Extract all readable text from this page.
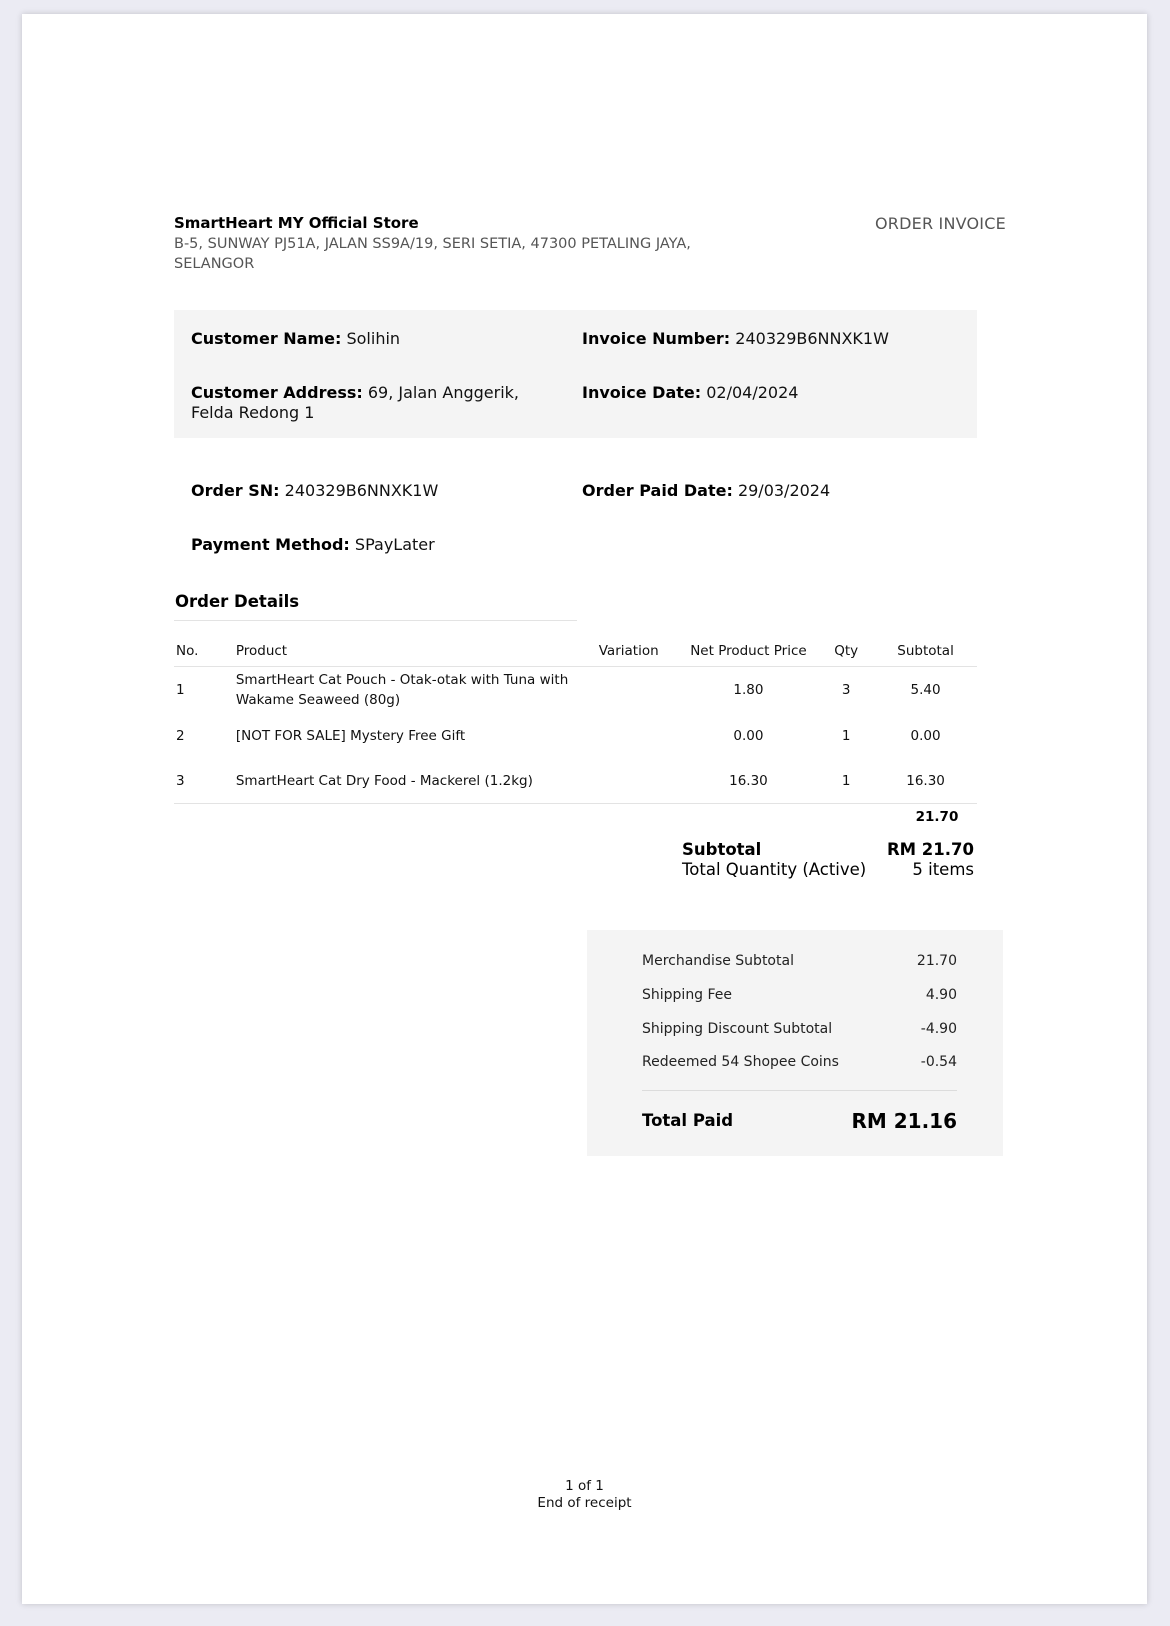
SmartHeart MY Official Store
B-5, SUNWAY PJ51A, JALAN SS9A/19, SERI SETIA, 47300 PETALING JAYA, SELANGOR
ORDER INVOICE
Customer Name: Solihin	Invoice Number: 240329B6NNXK1W
Customer Address: 69, Jalan Anggerik, Felda Redong 1
Invoice Date: 02/04/2024
Order SN: 240329B6NNXK1W	Order Paid Date: 29/03/2024
Payment Method: SPayLater
Order Details
No.	Product	Variation	Net Product Price	Qty	Subtotal

1	SmartHeart Cat Pouch - Otak-otak with Tuna with Wakame Seaweed (80g)		1.80	3	5.40
2	[NOT FOR SALE] Mystery Free Gift		0.00	1	0.00
3	SmartHeart Cat Dry Food - Mackerel (1.2kg)		16.30	1	16.30

21.70
Subtotal	RM 21.70
Total Quantity (Active)	5 items
Merchandise Subtotal	21.70
Shipping Fee	4.90
Shipping Discount Subtotal	-4.90
Redeemed 54 Shopee Coins	-0.54
Total Paid	RM 21.16
1 of 1
End of receipt
